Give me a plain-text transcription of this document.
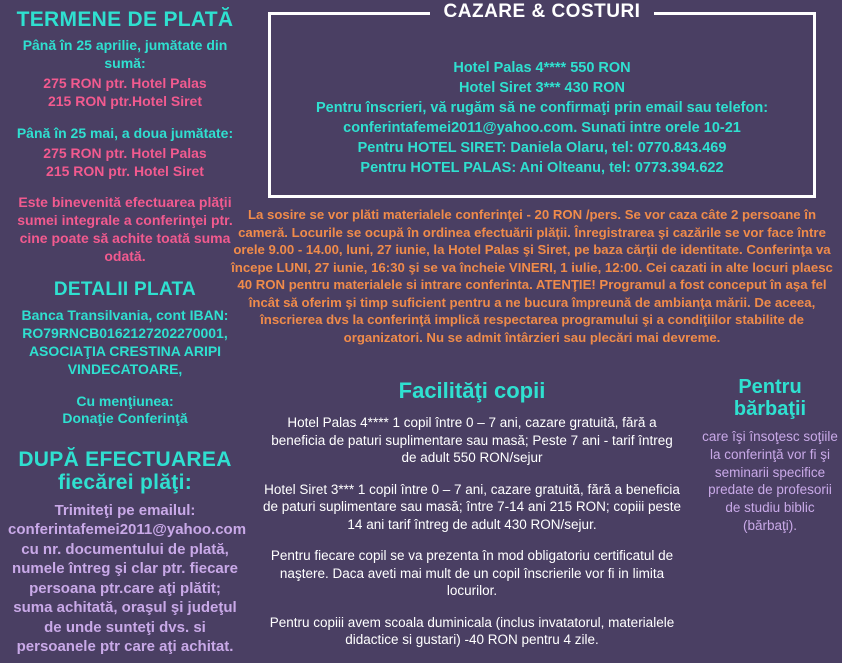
TERMENE DE PLATĂ
Până în 25 aprilie, jumătate din sumă:
275 RON ptr. Hotel Palas
215 RON ptr.Hotel Siret
Până în 25 mai, a doua jumătate:
275 RON ptr. Hotel Palas
215 RON ptr. Hotel Siret
Este binevenită efectuarea plăţii sumei integrale a conferinţei ptr. cine poate să achite toată suma odată.
DETALII PLATA
Banca Transilvania, cont IBAN: RO79RNCB0162127202270001, ASOCIAŢIA CRESTINA ARIPI VINDECATOARE,
Cu menţiunea:
Donaţie Conferinţă
DUPĂ EFECTUAREA
fiecărei plăţi:
Trimiteţi pe emailul: conferintafemei2011@yahoo.com cu nr. documentului de plată, numele întreg şi clar ptr. fiecare persoana ptr.care aţi plătit; suma achitată, oraşul şi judeţul de unde sunteţi dvs. si persoanele ptr care aţi achitat.
CAZARE & COSTURI
Hotel Palas 4**** 550 RON
Hotel Siret 3*** 430 RON
Pentru înscrieri, vă rugăm să ne confirmaţi prin email sau telefon:
conferintafemei2011@yahoo.com. Sunati intre orele 10-21
Pentru HOTEL SIRET: Daniela Olaru, tel: 0770.843.469
Pentru HOTEL PALAS: Ani Olteanu, tel: 0773.394.622
La sosire se vor plăti materialele conferinţei - 20 RON /pers. Se vor caza câte 2 persoane în cameră. Locurile se ocupă în ordinea efectuării plăţii. Înregistrarea şi cazările se vor face între orele 9.00 - 14.00, luni, 27 iunie, la Hotel Palas şi Siret, pe baza cărţii de identitate. Conferinţa va începe LUNI, 27 iunie, 16:30 şi se va încheie VINERI, 1 iulie, 12:00. Cei cazati in alte locuri plaesc 40 RON pentru materialele si intrare conferinta. ATENŢIE! Programul a fost conceput în aşa fel încât să oferim şi timp suficient pentru a ne bucura împreună de ambianţa mării. De aceea, înscrierea dvs la conferinţă implică respectarea programului şi a condiţiilor stabilite de organizatori. Nu se admit întârzieri sau plecări mai devreme.
Facilităţi copii

Hotel Palas 4**** 1 copil între 0 – 7 ani, cazare gratuită, fără a beneficia de paturi suplimentare sau masă; Peste 7 ani - tarif întreg de adult 550 RON/sejur

Hotel Siret 3*** 1 copil între 0 – 7 ani, cazare gratuită, fără a beneficia de paturi suplimentare sau masă; între 7-14 ani 215 RON; copiii peste 14 ani tarif întreg de adult 430 RON/sejur.

Pentru fiecare copil se va prezenta în mod obligatoriu certificatul de naştere. Daca aveti mai mult de un copil înscrierile vor fi in limita locurilor.

Pentru copiii avem scoala duminicala (inclus invatatorul, materialele didactice si gustari) -40 RON pentru 4 zile.

Pentru
bărbaţii
care îşi însoţesc soţiile la conferinţă vor fi şi seminarii specifice predate de profesorii de studiu biblic (bărbaţi).
